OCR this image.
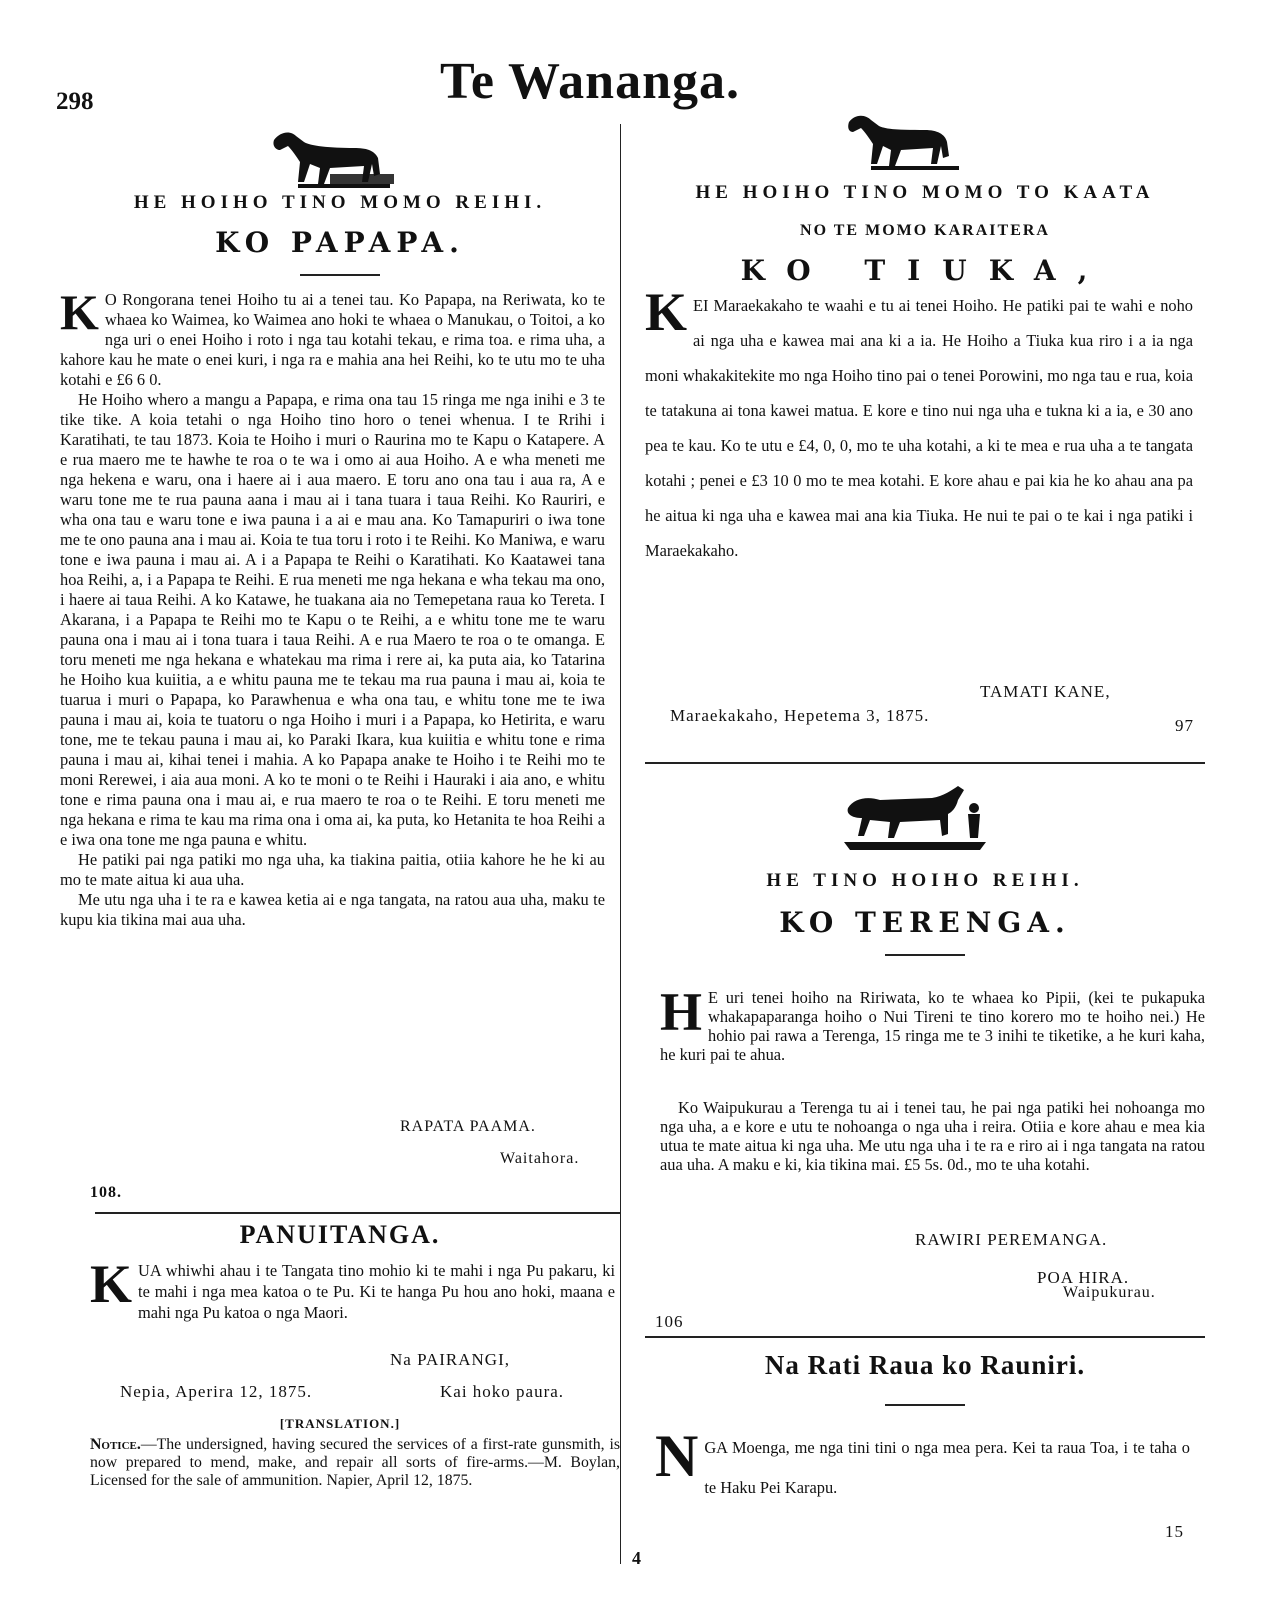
298	Te Wananga.
HE HOIHO TINO MOMO REIHI.
KO PAPAPA.
K O Rongorana tenei Hoiho tu ai a tenei tau. Ko Papapa, na Reriwata, ko te whaea ko Waimea, ko Waimea ano hoki te whaea o Manukau, o Toitoi, a ko nga uri o enei Hoiho i roto i nga tau kotahi tekau, e rima toa. e rima uha, a kahore kau he mate o enei kuri, i nga ra e mahia ana hei Reihi, ko te utu mo te uha kotahi e £6 6 0.

He Hoiho whero a mangu a Papapa, e rima ona tau 15 ringa me nga inihi e 3 te tike tike. A koia tetahi o nga Hoiho tino horo o tenei whenua. I te Rrihi i Karatihati, te tau 1873. Koia te Hoiho i muri o Raurina mo te Kapu o Katapere. A e rua maero me te hawhe te roa o te wa i omo ai aua Hoiho. A e wha meneti me nga hekena e waru, ona i haere ai i aua maero. E toru ano ona tau i aua ra, A e waru tone me te rua pauna aana i mau ai i tana tuara i taua Reihi. Ko Rauriri, e wha ona tau e waru tone e iwa pauna i a ai e mau ana. Ko Tamapuriri o iwa tone me te ono pauna ana i mau ai. Koia te tua toru i roto i te Reihi. Ko Maniwa, e waru tone e iwa pauna i mau ai. A i a Papapa te Reihi o Karatihati. Ko Kaatawei tana hoa Reihi, a, i a Papapa te Reihi. E rua meneti me nga hekana e wha tekau ma ono, i haere ai taua Reihi. A ko Katawe, he tuakana aia no Temepetana raua ko Tereta. I Akarana, i a Papapa te Reihi mo te Kapu o te Reihi, a e whitu tone me te waru pauna ona i mau ai i tona tuara i taua Reihi. A e rua Maero te roa o te omanga. E toru meneti me nga hekana e whatekau ma rima i rere ai, ka puta aia, ko Tatarina he Hoiho kua kuiitia, a e whitu pauna me te tekau ma rua pauna i mau ai, koia te tuarua i muri o Papapa, ko Parawhenua e wha ona tau, e whitu tone me te iwa pauna i mau ai, koia te tuatoru o nga Hoiho i muri i a Papapa, ko Hetirita, e waru tone, me te tekau pauna i mau ai, ko Paraki Ikara, kua kuiitia e whitu tone e rima pauna i mau ai, kihai tenei i mahia. A ko Papapa anake te Hoiho i te Reihi mo te moni Rerewei, i aia aua moni. A ko te moni o te Reihi i Hauraki i aia ano, e whitu tone e rima pauna ona i mau ai, e rua maero te roa o te Reihi. E toru meneti me nga hekana e rima te kau ma rima ona i oma ai, ka puta, ko Hetanita te hoa Reihi a e iwa ona tone me nga pauna e whitu.

He patiki pai nga patiki mo nga uha, ka tiakina paitia, otiia kahore he he ki au mo te mate aitua ki aua uha.

Me utu nga uha i te ra e kawea ketia ai e nga tangata, na ratou aua uha, maku te kupu kia tikina mai aua uha.

RAPATA PAAMA.
Waitahora.
108.
PANUITANGA.
K UA whiwhi ahau i te Tangata tino mohio ki te mahi i nga Pu pakaru, ki te mahi i nga mea katoa o te Pu. Ki te hanga Pu hou ano hoki, maana e mahi nga Pu katoa o nga Maori.
Na PAIRANGI,
Nepia, Aperira 12, 1875.	Kai hoko paura.
[TRANSLATION.]
Notice.—The undersigned, having secured the services of a first-rate gunsmith, is now prepared to mend, make, and repair all sorts of fire-arms.—M. Boylan, Licensed for the sale of ammunition. Napier, April 12, 1875.
4
HE HOIHO TINO MOMO TO KAATA
NO TE MOMO KARAITERA
KO TIUKA,
K EI Maraekakaho te waahi e tu ai tenei Hoiho. He patiki pai te wahi e noho ai nga uha e kawea mai ana ki a ia. He Hoiho a Tiuka kua riro i a ia nga moni whakakitekite mo nga Hoiho tino pai o tenei Porowini, mo nga tau e rua, koia te tatakuna ai tona kawei matua. E kore e tino nui nga uha e tukna ki a ia, e 30 ano pea te kau. Ko te utu e £4, 0, 0, mo te uha kotahi, a ki te mea e rua uha a te tangata kotahi ; penei e £3 10 0 mo te mea kotahi. E kore ahau e pai kia he ko ahau ana pa he aitua ki nga uha e kawea mai ana kia Tiuka. He nui te pai o te kai i nga patiki i Maraekakaho.
TAMATI KANE,
Maraekakaho, Hepetema 3, 1875.
97
HE TINO HOIHO REIHI.
KO TERENGA.
H E uri tenei hoiho na Ririwata, ko te whaea ko Pipii, (kei te pukapuka whakapaparanga hoiho o Nui Tireni te tino korero mo te hoiho nei.) He hohio pai rawa a Terenga, 15 ringa me te 3 inihi te tiketike, a he kuri kaha, he kuri pai te ahua.
Ko Waipukurau a Terenga tu ai i tenei tau, he pai nga patiki hei nohoanga mo nga uha, a e kore e utu te nohoanga o nga uha i reira. Otiia e kore ahau e mea kia utua te mate aitua ki nga uha. Me utu nga uha i te ra e riro ai i nga tangata na ratou aua uha. A maku e ki, kia tikina mai. £5 5s. 0d., mo te uha kotahi.
RAWIRI PEREMANGA.
POA HIRA.
Waipukurau.
106
Na Rati Raua ko Rauniri.
N GA Moenga, me nga tini tini o nga mea pera. Kei ta raua Toa, i te taha o te Haku Pei Karapu.
15
